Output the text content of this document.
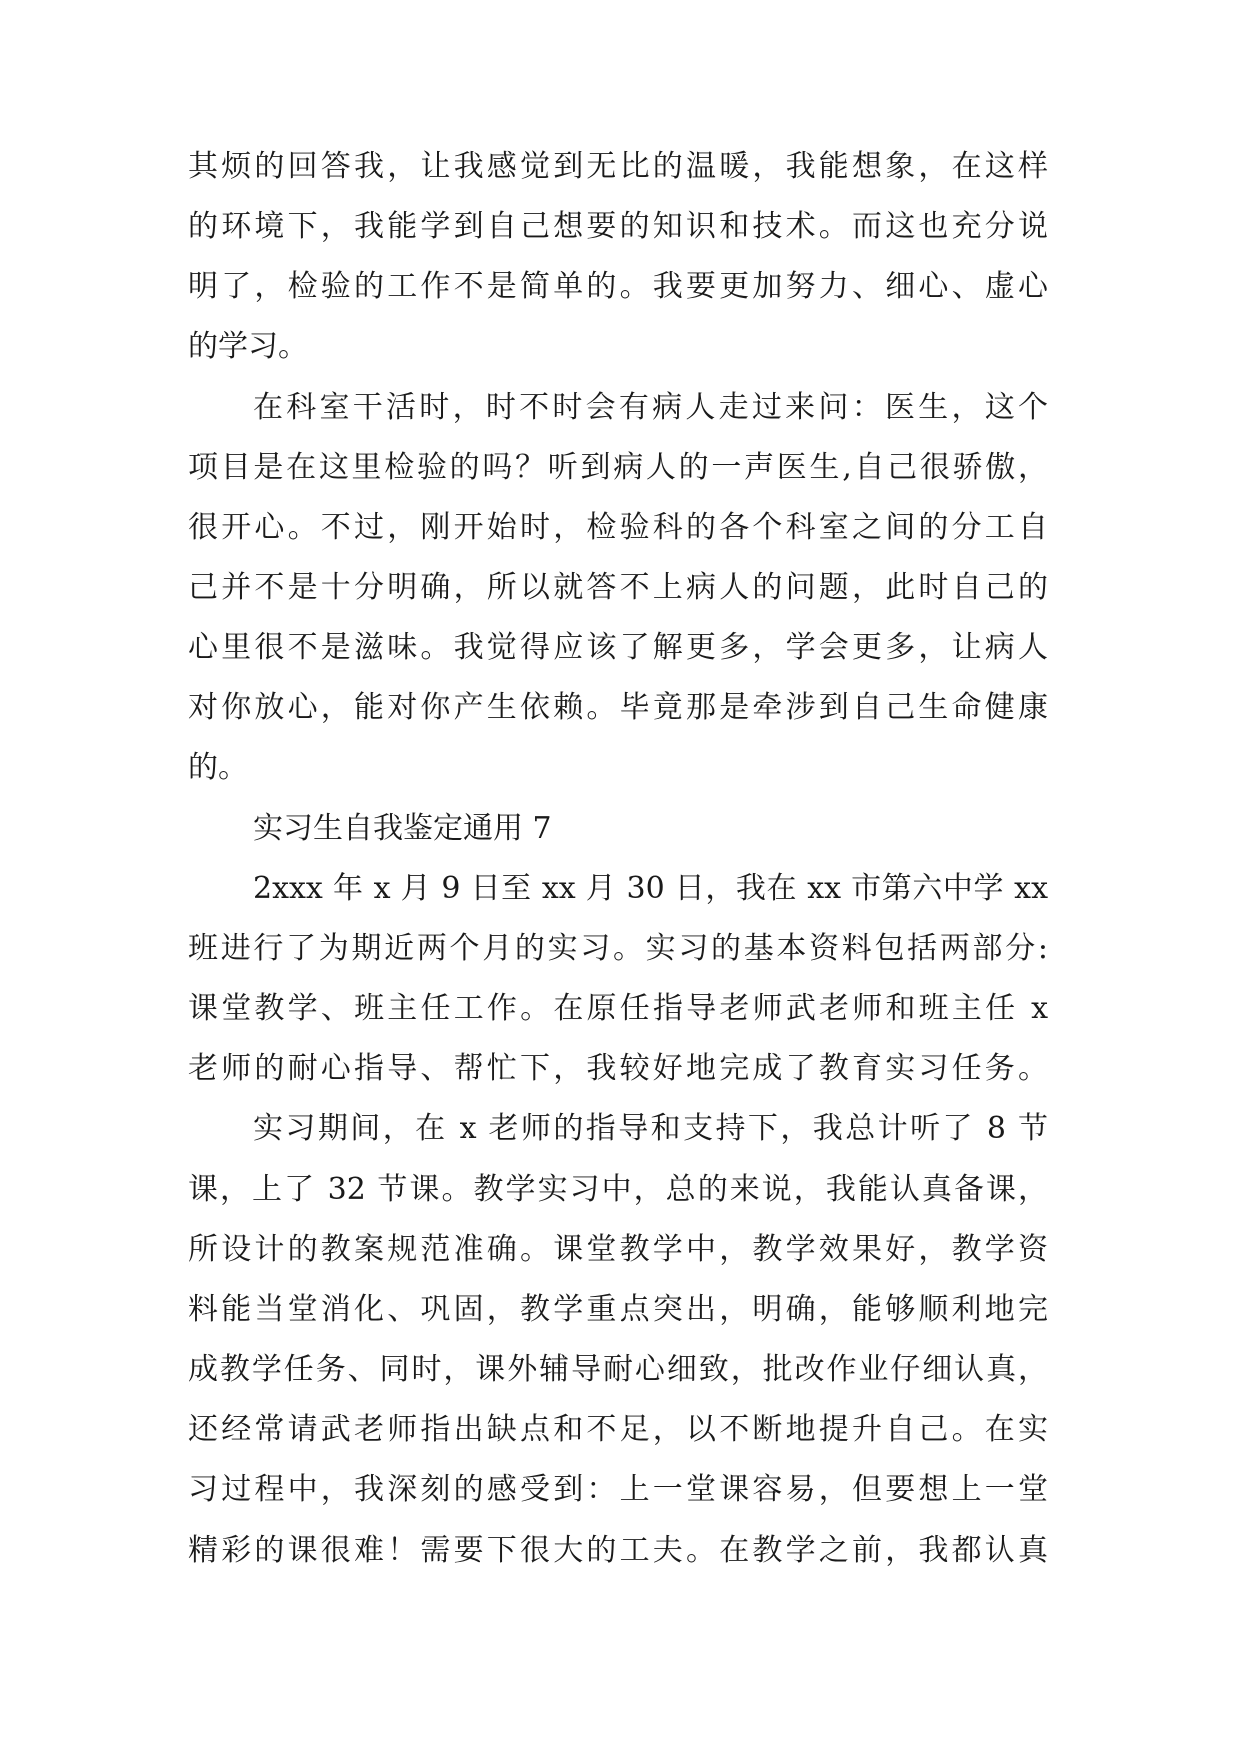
其烦的回答我，让我感觉到无比的温暖，我能想象，在这样
的环境下，我能学到自己想要的知识和技术。而这也充分说
明了，检验的工作不是简单的。我要更加努力、细心、虚心
的学习。
在科室干活时，时不时会有病人走过来问：医生，这个
项目是在这里检验的吗？听到病人的一声医生,自己很骄傲，
很开心。不过，刚开始时，检验科的各个科室之间的分工自
己并不是十分明确，所以就答不上病人的问题，此时自己的
心里很不是滋味。我觉得应该了解更多，学会更多，让病人
对你放心，能对你产生依赖。毕竟那是牵涉到自己生命健康
的。
实习生自我鉴定通用 7
2xxx 年 x 月 9 日至 xx 月 30 日，我在 xx 市第六中学 xx
班进行了为期近两个月的实习。实习的基本资料包括两部分:
课堂教学、班主任工作。在原任指导老师武老师和班主任 x
老师的耐心指导、帮忙下，我较好地完成了教育实习任务。
实习期间，在 x 老师的指导和支持下，我总计听了 8 节
课，上了 32 节课。教学实习中，总的来说，我能认真备课，
所设计的教案规范准确。课堂教学中，教学效果好，教学资
料能当堂消化、巩固，教学重点突出，明确，能够顺利地完
成教学任务、同时，课外辅导耐心细致，批改作业仔细认真，
还经常请武老师指出缺点和不足，以不断地提升自己。在实
习过程中，我深刻的感受到：上一堂课容易，但要想上一堂
精彩的课很难！需要下很大的工夫。在教学之前，我都认真
